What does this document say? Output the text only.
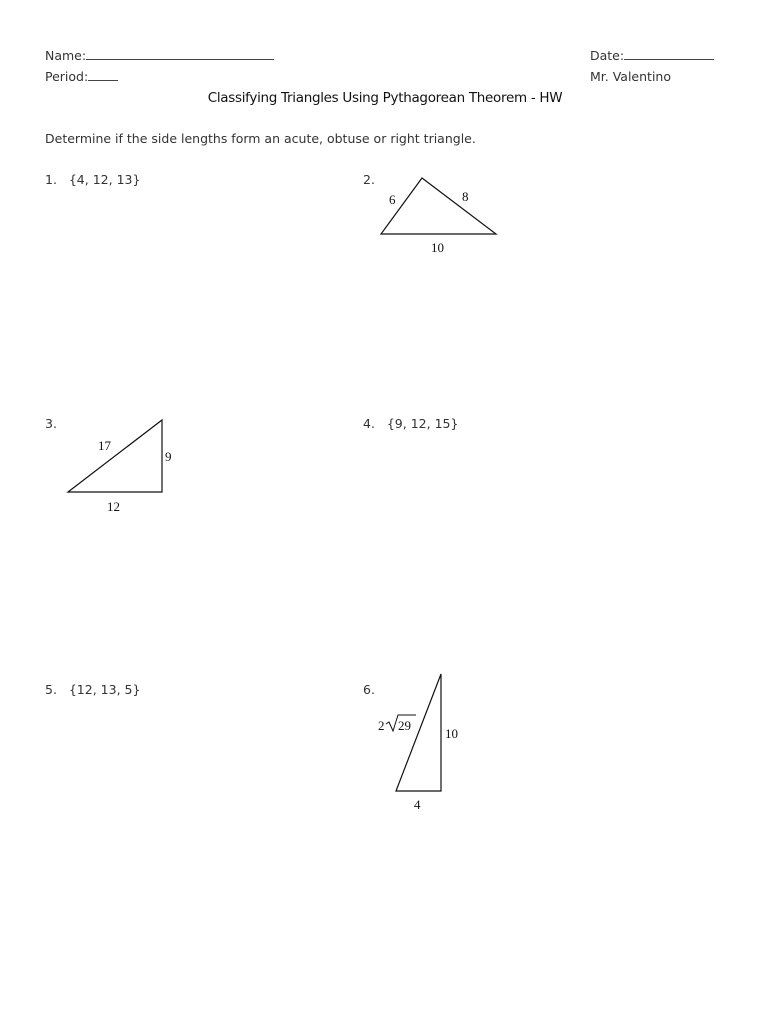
Name:
Period:
Date:
Mr. Valentino
Classifying Triangles Using Pythagorean Theorem - HW
Determine if the side lengths form an acute, obtuse or right triangle.
1. {4, 12, 13}	2.
6	8
10
3.
17
9
12
4. {9, 12, 15}
5. {12, 13, 5}	6.
2 29
10
4
